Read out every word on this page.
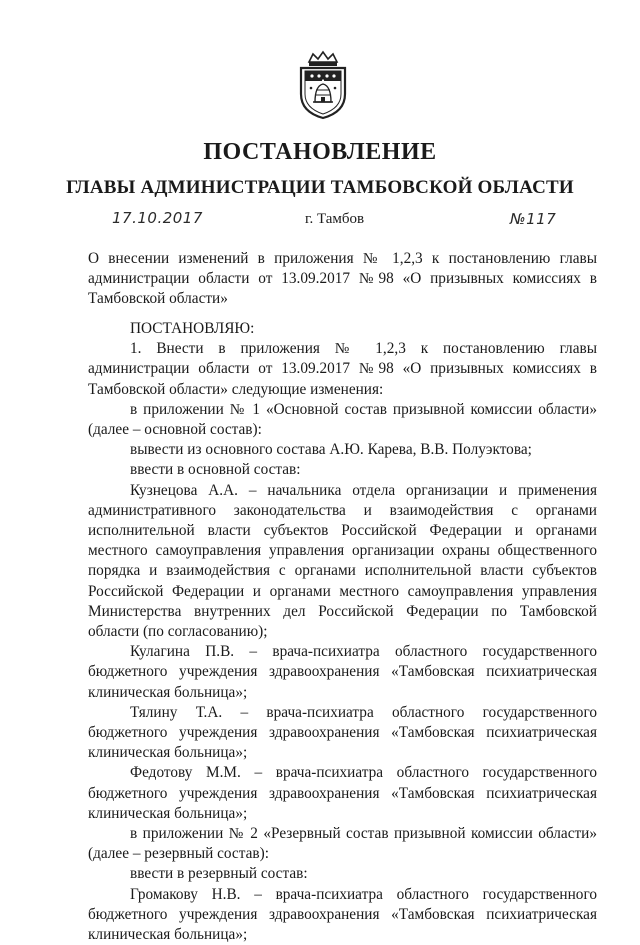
ПОСТАНОВЛЕНИЕ
ГЛАВЫ АДМИНИСТРАЦИИ ТАМБОВСКОЙ ОБЛАСТИ
17.10.2017	г. Тамбов	№117

О внесении изменений в приложения № 1,2,3 к постановлению главы администрации области от 13.09.2017 №98 «О призывных комиссиях в Тамбовской области»

ПОСТАНОВЛЯЮ:

1. Внести в приложения № 1,2,3 к постановлению главы администрации области от 13.09.2017 №98 «О призывных комиссиях в Тамбовской области» следующие изменения:

в приложении № 1 «Основной состав призывной комиссии области» (далее – основной состав):

вывести из основного состава А.Ю. Карева, В.В. Полуэктова;

ввести в основной состав:

Кузнецова А.А. – начальника отдела организации и применения административного законодательства и взаимодействия с органами исполнительной власти субъектов Российской Федерации и органами местного самоуправления управления организации охраны общественного порядка и взаимодействия с органами исполнительной власти субъектов Российской Федерации и органами местного самоуправления управления Министерства внутренних дел Российской Федерации по Тамбовской области (по согласованию);

Кулагина П.В. – врача-психиатра областного государственного бюджетного учреждения здравоохранения «Тамбовская психиатрическая клиническая больница»;

Тялину Т.А. – врача-психиатра областного государственного бюджетного учреждения здравоохранения «Тамбовская психиатрическая клиническая больница»;

Федотову М.М. – врача-психиатра областного государственного бюджетного учреждения здравоохранения «Тамбовская психиатрическая клиническая больница»;

в приложении № 2 «Резервный состав призывной комиссии области» (далее – резервный состав):

ввести в резервный состав:

Громакову Н.В. – врача-психиатра областного государственного бюджетного учреждения здравоохранения «Тамбовская психиатрическая клиническая больница»;
